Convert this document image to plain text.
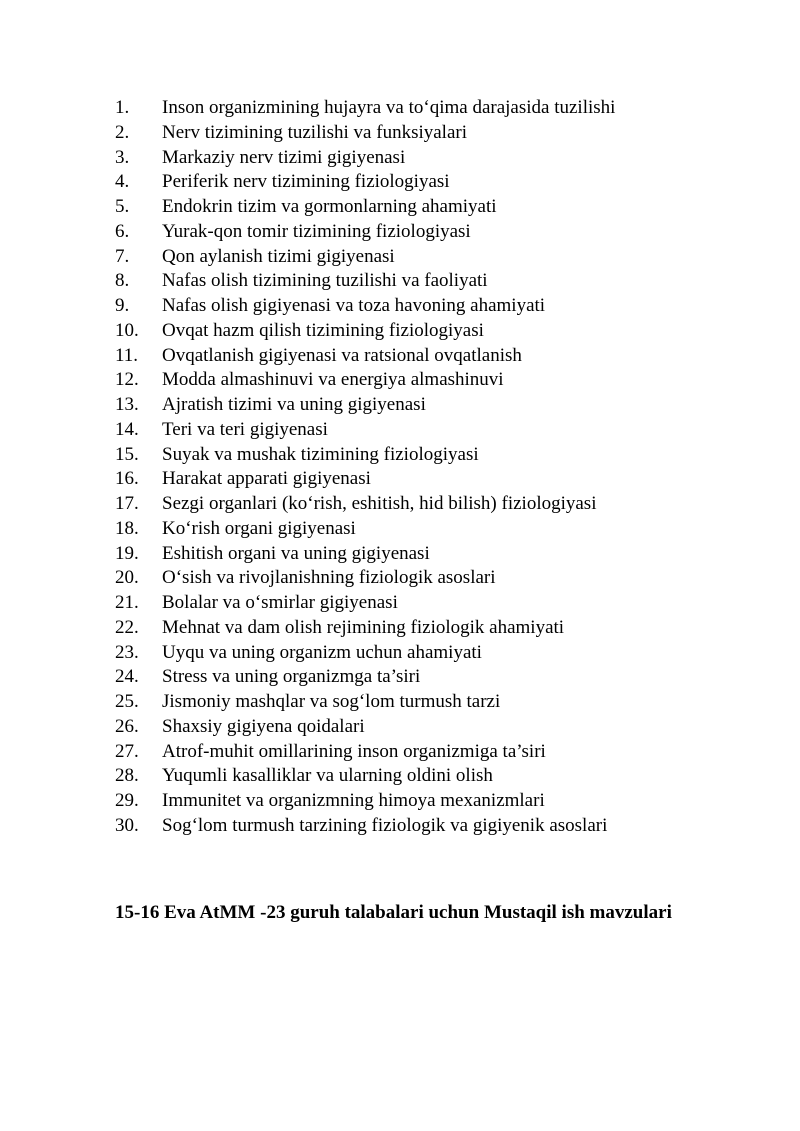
1.	Inson organizmining hujayra va to‘qima darajasida tuzilishi
2.	Nerv tizimining tuzilishi va funksiyalari
3.	Markaziy nerv tizimi gigiyenasi
4.	Periferik nerv tizimining fiziologiyasi
5.	Endokrin tizim va gormonlarning ahamiyati
6.	Yurak-qon tomir tizimining fiziologiyasi
7.	Qon aylanish tizimi gigiyenasi
8.	Nafas olish tizimining tuzilishi va faoliyati
9.	Nafas olish gigiyenasi va toza havoning ahamiyati
10.	Ovqat hazm qilish tizimining fiziologiyasi
11.	Ovqatlanish gigiyenasi va ratsional ovqatlanish
12.	Modda almashinuvi va energiya almashinuvi
13.	Ajratish tizimi va uning gigiyenasi
14.	Teri va teri gigiyenasi
15.	Suyak va mushak tizimining fiziologiyasi
16.	Harakat apparati gigiyenasi
17.	Sezgi organlari (ko‘rish, eshitish, hid bilish) fiziologiyasi
18.	Ko‘rish organi gigiyenasi
19.	Eshitish organi va uning gigiyenasi
20.	O‘sish va rivojlanishning fiziologik asoslari
21.	Bolalar va o‘smirlar gigiyenasi
22.	Mehnat va dam olish rejimining fiziologik ahamiyati
23.	Uyqu va uning organizm uchun ahamiyati
24.	Stress va uning organizmga ta’siri
25.	Jismoniy mashqlar va sog‘lom turmush tarzi
26.	Shaxsiy gigiyena qoidalari
27.	Atrof-muhit omillarining inson organizmiga ta’siri
28.	Yuqumli kasalliklar va ularning oldini olish
29.	Immunitet va organizmning himoya mexanizmlari
30.	Sog‘lom turmush tarzining fiziologik va gigiyenik asoslari
15-16 Eva AtMM -23 guruh talabalari uchun Mustaqil ish mavzulari
